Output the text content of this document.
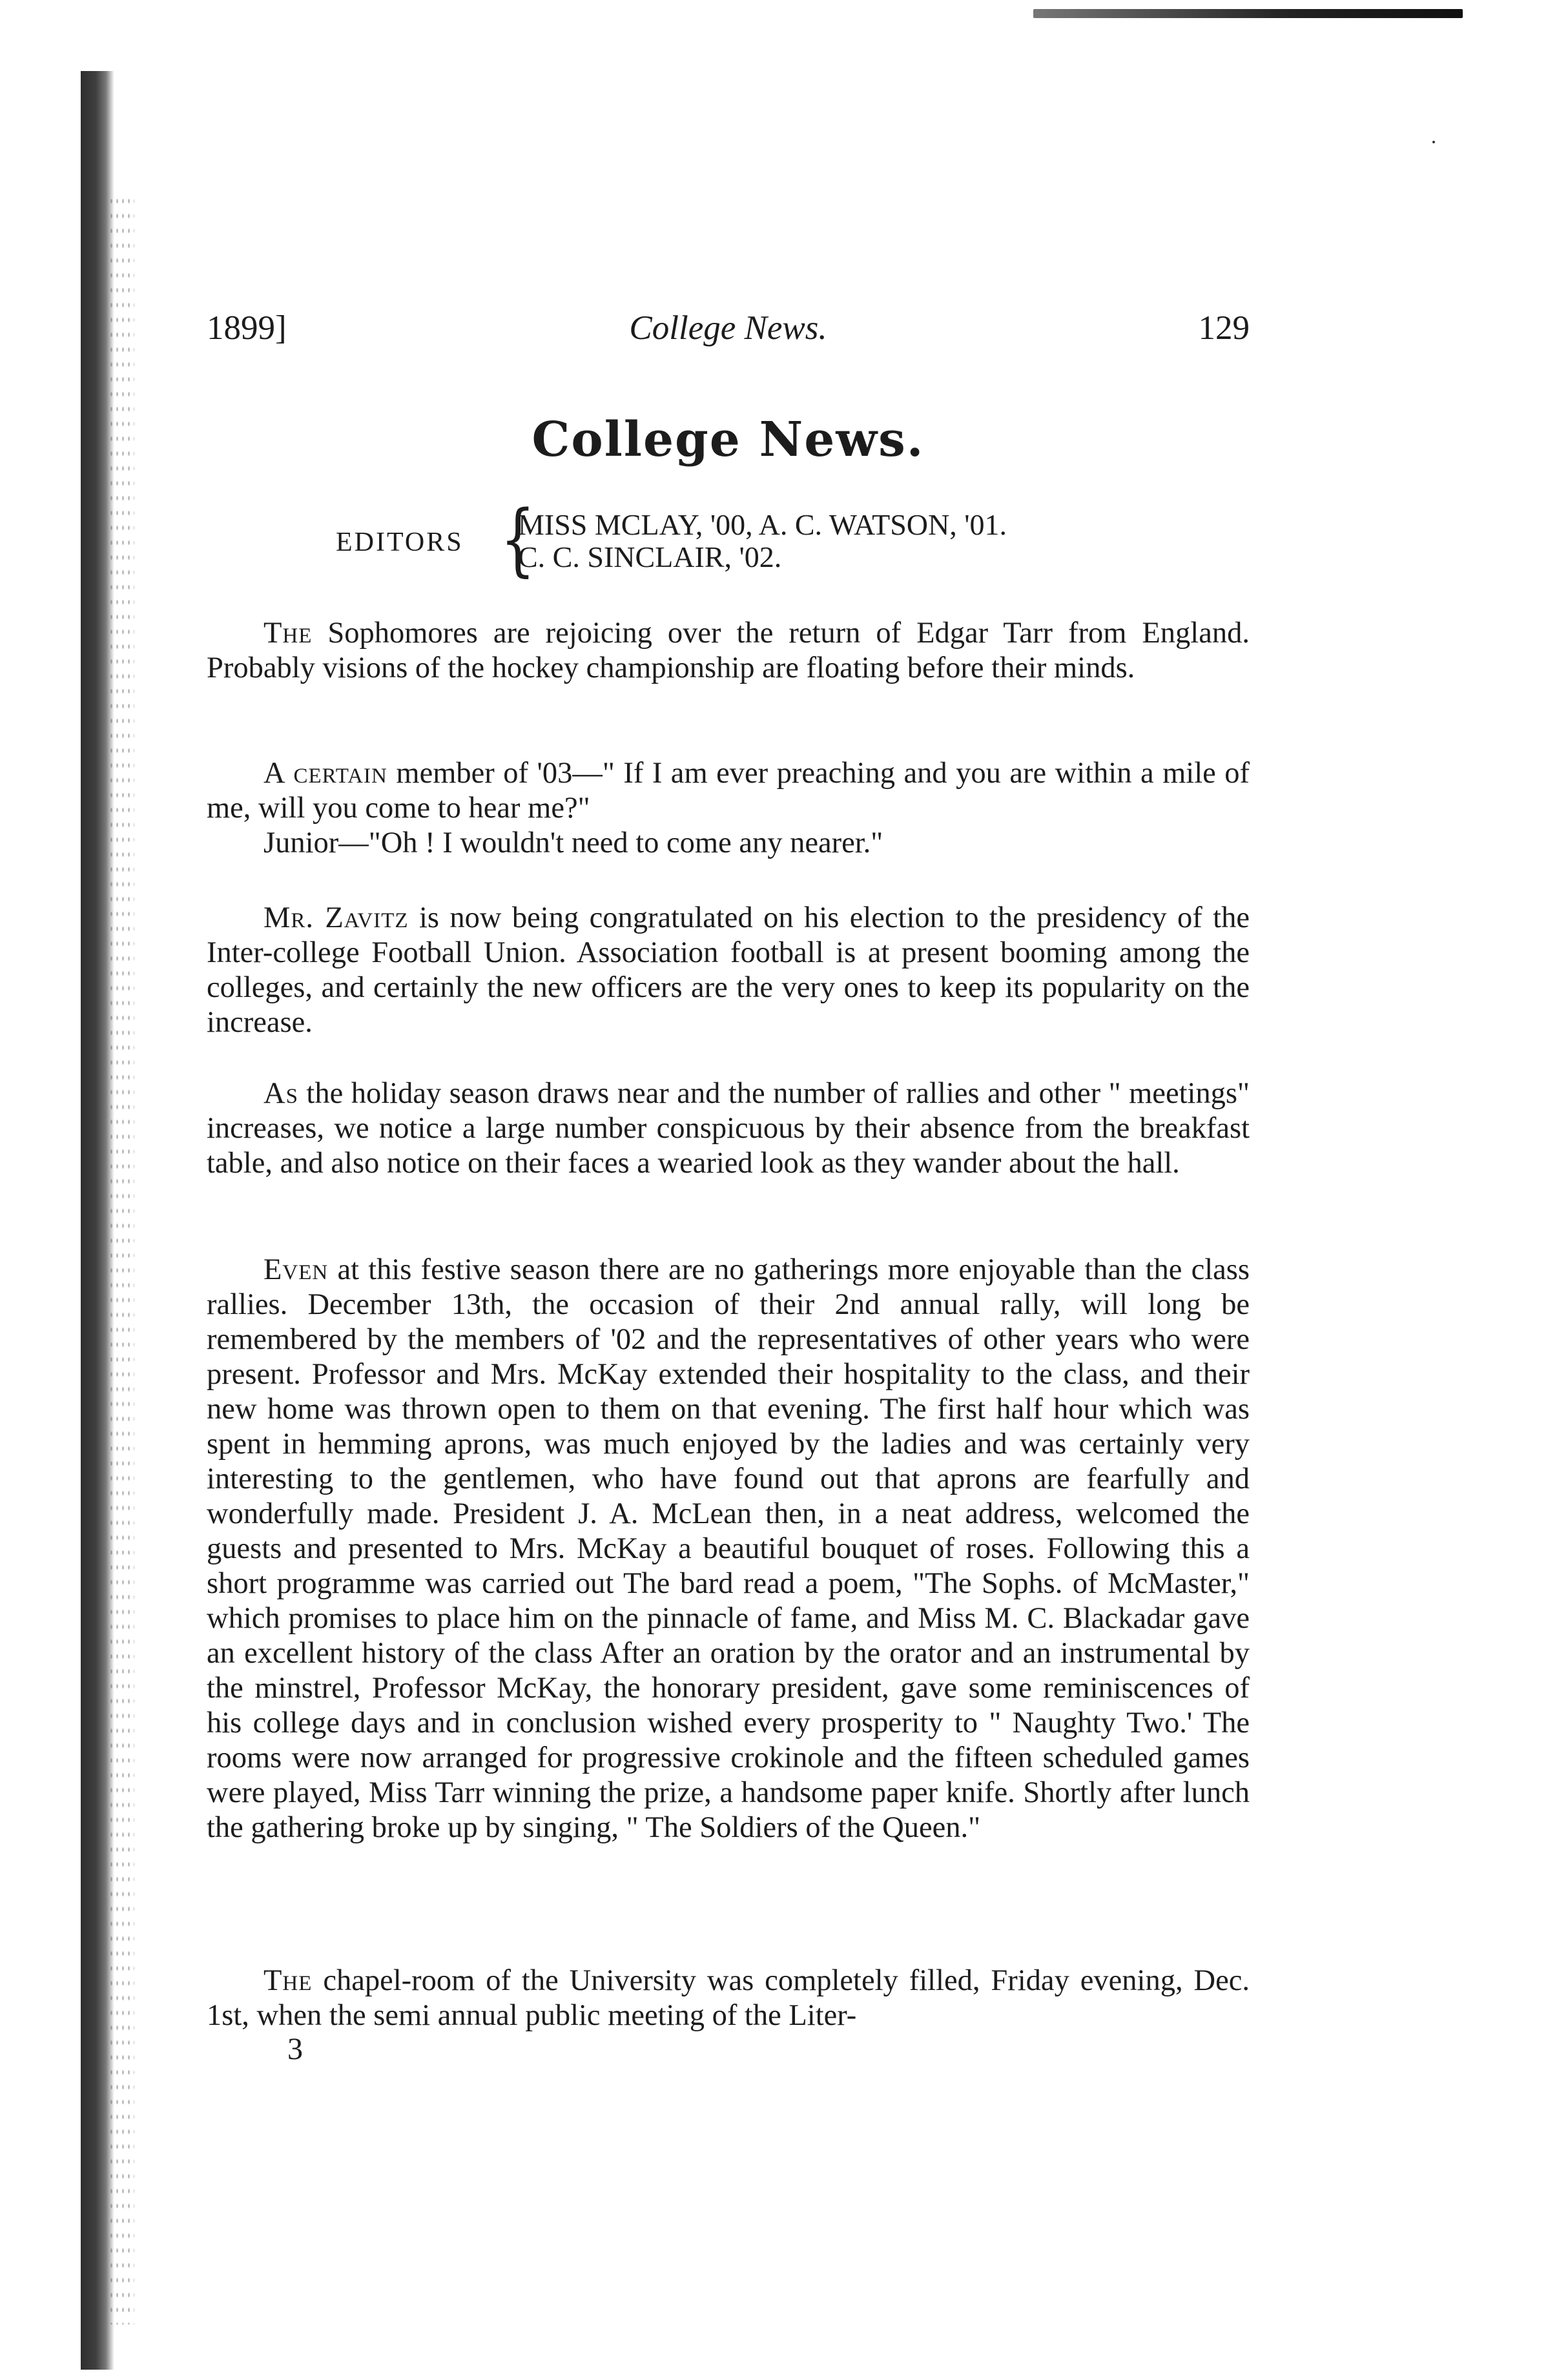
1899]	College News.	129
College News.
EDITORS {
MISS MCLAY, '00, A. C. WATSON, '01.
C. C. SINCLAIR, '02.
The Sophomores are rejoicing over the return of Edgar Tarr from England. Probably visions of the hockey championship are floating before their minds.
A certain member of '03—" If I am ever preaching and you are within a mile of me, will you come to hear me?"
Junior—"Oh ! I wouldn't need to come any nearer."
Mr. Zavitz is now being congratulated on his election to the presidency of the Inter-college Football Union. Association football is at present booming among the colleges, and certainly the new officers are the very ones to keep its popularity on the increase.
As the holiday season draws near and the number of rallies and other " meetings" increases, we notice a large number conspicuous by their absence from the breakfast table, and also notice on their faces a wearied look as they wander about the hall.
Even at this festive season there are no gatherings more enjoyable than the class rallies. December 13th, the occasion of their 2nd annual rally, will long be remembered by the members of '02 and the representatives of other years who were present. Professor and Mrs. McKay extended their hospitality to the class, and their new home was thrown open to them on that evening. The first half hour which was spent in hemming aprons, was much enjoyed by the ladies and was certainly very interesting to the gentlemen, who have found out that aprons are fearfully and wonderfully made. President J. A. McLean then, in a neat address, welcomed the guests and presented to Mrs. McKay a beautiful bouquet of roses. Following this a short programme was carried out The bard read a poem, "The Sophs. of McMaster," which promises to place him on the pinnacle of fame, and Miss M. C. Blackadar gave an excellent history of the class After an oration by the orator and an instrumental by the minstrel, Professor McKay, the honorary president, gave some reminiscences of his college days and in conclusion wished every prosperity to " Naughty Two.' The rooms were now arranged for progressive crokinole and the fifteen scheduled games were played, Miss Tarr winning the prize, a handsome paper knife. Shortly after lunch the gathering broke up by singing, " The Soldiers of the Queen."
The chapel-room of the University was completely filled, Friday evening, Dec. 1st, when the semi annual public meeting of the Liter-
3
